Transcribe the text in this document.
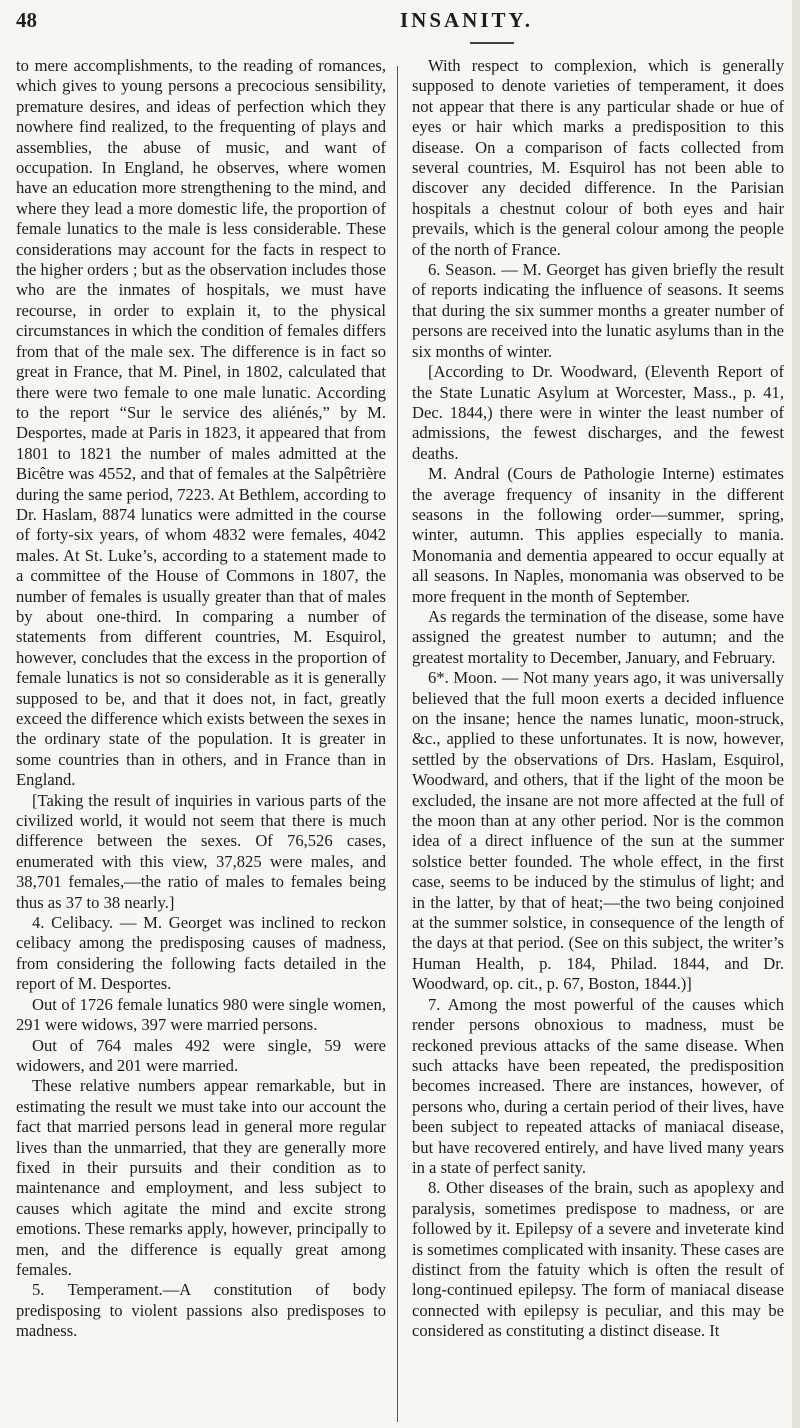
48	INSANITY.

to mere accomplishments, to the reading of romances, which gives to young persons a precocious sensibility, premature desires, and ideas of perfection which they nowhere find realized, to the frequenting of plays and assemblies, the abuse of music, and want of occupation. In England, he observes, where women have an education more strengthening to the mind, and where they lead a more domestic life, the proportion of female lunatics to the male is less considerable. These considerations may account for the facts in respect to the higher orders ; but as the observation includes those who are the inmates of hospitals, we must have recourse, in order to explain it, to the physical circumstances in which the condition of females differs from that of the male sex. The difference is in fact so great in France, that M. Pinel, in 1802, calculated that there were two female to one male lunatic. According to the report “Sur le service des aliénés,” by M. Desportes, made at Paris in 1823, it appeared that from 1801 to 1821 the number of males admitted at the Bicêtre was 4552, and that of females at the Salpêtrière during the same period, 7223. At Bethlem, according to Dr. Haslam, 8874 lunatics were admitted in the course of forty-six years, of whom 4832 were females, 4042 males. At St. Luke’s, according to a statement made to a committee of the House of Commons in 1807, the number of females is usually greater than that of males by about one-third. In comparing a number of statements from different countries, M. Esquirol, however, concludes that the excess in the proportion of female lunatics is not so considerable as it is generally supposed to be, and that it does not, in fact, greatly exceed the difference which exists between the sexes in the ordinary state of the population. It is greater in some countries than in others, and in France than in England.

[Taking the result of inquiries in various parts of the civilized world, it would not seem that there is much difference between the sexes. Of 76,526 cases, enumerated with this view, 37,825 were males, and 38,701 females,—the ratio of males to females being thus as 37 to 38 nearly.]

4. Celibacy. — M. Georget was inclined to reckon celibacy among the predisposing causes of madness, from considering the following facts detailed in the report of M. Desportes.

Out of 1726 female lunatics 980 were single women, 291 were widows, 397 were married persons.

Out of 764 males 492 were single, 59 were widowers, and 201 were married.

These relative numbers appear remarkable, but in estimating the result we must take into our account the fact that married persons lead in general more regular lives than the unmarried, that they are generally more fixed in their pursuits and their condition as to maintenance and employment, and less subject to causes which agitate the mind and excite strong emotions. These remarks apply, however, principally to men, and the difference is equally great among females.

5. Temperament.—A constitution of body predisposing to violent passions also predisposes to madness.

With respect to complexion, which is generally supposed to denote varieties of temperament, it does not appear that there is any particular shade or hue of eyes or hair which marks a predisposition to this disease. On a comparison of facts collected from several countries, M. Esquirol has not been able to discover any decided difference. In the Parisian hospitals a chestnut colour of both eyes and hair prevails, which is the general colour among the people of the north of France.

6. Season. — M. Georget has given briefly the result of reports indicating the influence of seasons. It seems that during the six summer months a greater number of persons are received into the lunatic asylums than in the six months of winter.

[According to Dr. Woodward, (Eleventh Report of the State Lunatic Asylum at Worcester, Mass., p. 41, Dec. 1844,) there were in winter the least number of admissions, the fewest discharges, and the fewest deaths.

M. Andral (Cours de Pathologie Interne) estimates the average frequency of insanity in the different seasons in the following order—summer, spring, winter, autumn. This applies especially to mania. Monomania and dementia appeared to occur equally at all seasons. In Naples, monomania was observed to be more frequent in the month of September.

As regards the termination of the disease, some have assigned the greatest number to autumn; and the greatest mortality to December, January, and February.

6*. Moon. — Not many years ago, it was universally believed that the full moon exerts a decided influence on the insane; hence the names lunatic, moon-struck, &c., applied to these unfortunates. It is now, however, settled by the observations of Drs. Haslam, Esquirol, Woodward, and others, that if the light of the moon be excluded, the insane are not more affected at the full of the moon than at any other period. Nor is the common idea of a direct influence of the sun at the summer solstice better founded. The whole effect, in the first case, seems to be induced by the stimulus of light; and in the latter, by that of heat;—the two being conjoined at the summer solstice, in consequence of the length of the days at that period. (See on this subject, the writer’s Human Health, p. 184, Philad. 1844, and Dr. Woodward, op. cit., p. 67, Boston, 1844.)]

7. Among the most powerful of the causes which render persons obnoxious to madness, must be reckoned previous attacks of the same disease. When such attacks have been repeated, the predisposition becomes increased. There are instances, however, of persons who, during a certain period of their lives, have been subject to repeated attacks of maniacal disease, but have recovered entirely, and have lived many years in a state of perfect sanity.

8. Other diseases of the brain, such as apoplexy and paralysis, sometimes predispose to madness, or are followed by it. Epilepsy of a severe and inveterate kind is sometimes complicated with insanity. These cases are distinct from the fatuity which is often the result of long-continued epilepsy. The form of maniacal disease connected with epilepsy is peculiar, and this may be considered as constituting a distinct disease. It
